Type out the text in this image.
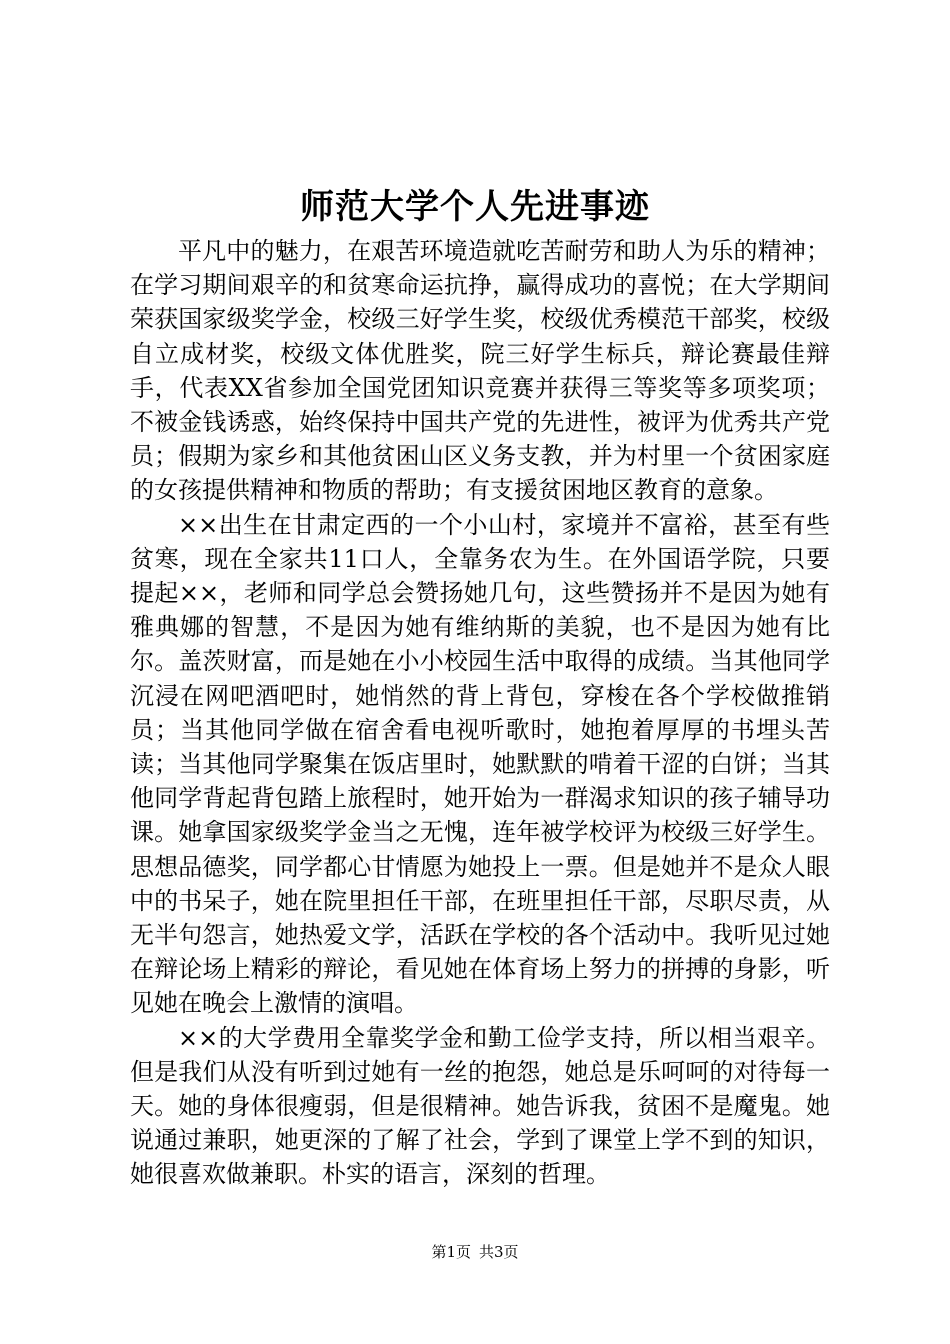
师范大学个人先进事迹

平凡中的魅力，在艰苦环境造就吃苦耐劳和助人为乐的精神；在学习期间艰辛的和贫寒命运抗挣，赢得成功的喜悦；在大学期间荣获国家级奖学金，校级三好学生奖，校级优秀模范干部奖，校级自立成材奖，校级文体优胜奖，院三好学生标兵，辩论赛最佳辩手，代表XX省参加全国党团知识竞赛并获得三等奖等多项奖项；不被金钱诱惑，始终保持中国共产党的先进性，被评为优秀共产党员；假期为家乡和其他贫困山区义务支教，并为村里一个贫困家庭的女孩提供精神和物质的帮助；有支援贫困地区教育的意象。

××出生在甘肃定西的一个小山村，家境并不富裕，甚至有些贫寒，现在全家共11口人，全靠务农为生。在外国语学院，只要提起××，老师和同学总会赞扬她几句，这些赞扬并不是因为她有雅典娜的智慧，不是因为她有维纳斯的美貌，也不是因为她有比尔。盖茨财富，而是她在小小校园生活中取得的成绩。当其他同学沉浸在网吧酒吧时，她悄然的背上背包，穿梭在各个学校做推销员；当其他同学做在宿舍看电视听歌时，她抱着厚厚的书埋头苦读；当其他同学聚集在饭店里时，她默默的啃着干涩的白饼；当其他同学背起背包踏上旅程时，她开始为一群渴求知识的孩子辅导功课。她拿国家级奖学金当之无愧，连年被学校评为校级三好学生。思想品德奖，同学都心甘情愿为她投上一票。但是她并不是众人眼中的书呆子，她在院里担任干部，在班里担任干部，尽职尽责，从无半句怨言，她热爱文学，活跃在学校的各个活动中。我听见过她在辩论场上精彩的辩论，看见她在体育场上努力的拼搏的身影，听见她在晚会上激情的演唱。

××的大学费用全靠奖学金和勤工俭学支持，所以相当艰辛。但是我们从没有听到过她有一丝的抱怨，她总是乐呵呵的对待每一天。她的身体很瘦弱，但是很精神。她告诉我，贫困不是魔鬼。她说通过兼职，她更深的了解了社会，学到了课堂上学不到的知识，她很喜欢做兼职。朴实的语言，深刻的哲理。

第1页 共3页
